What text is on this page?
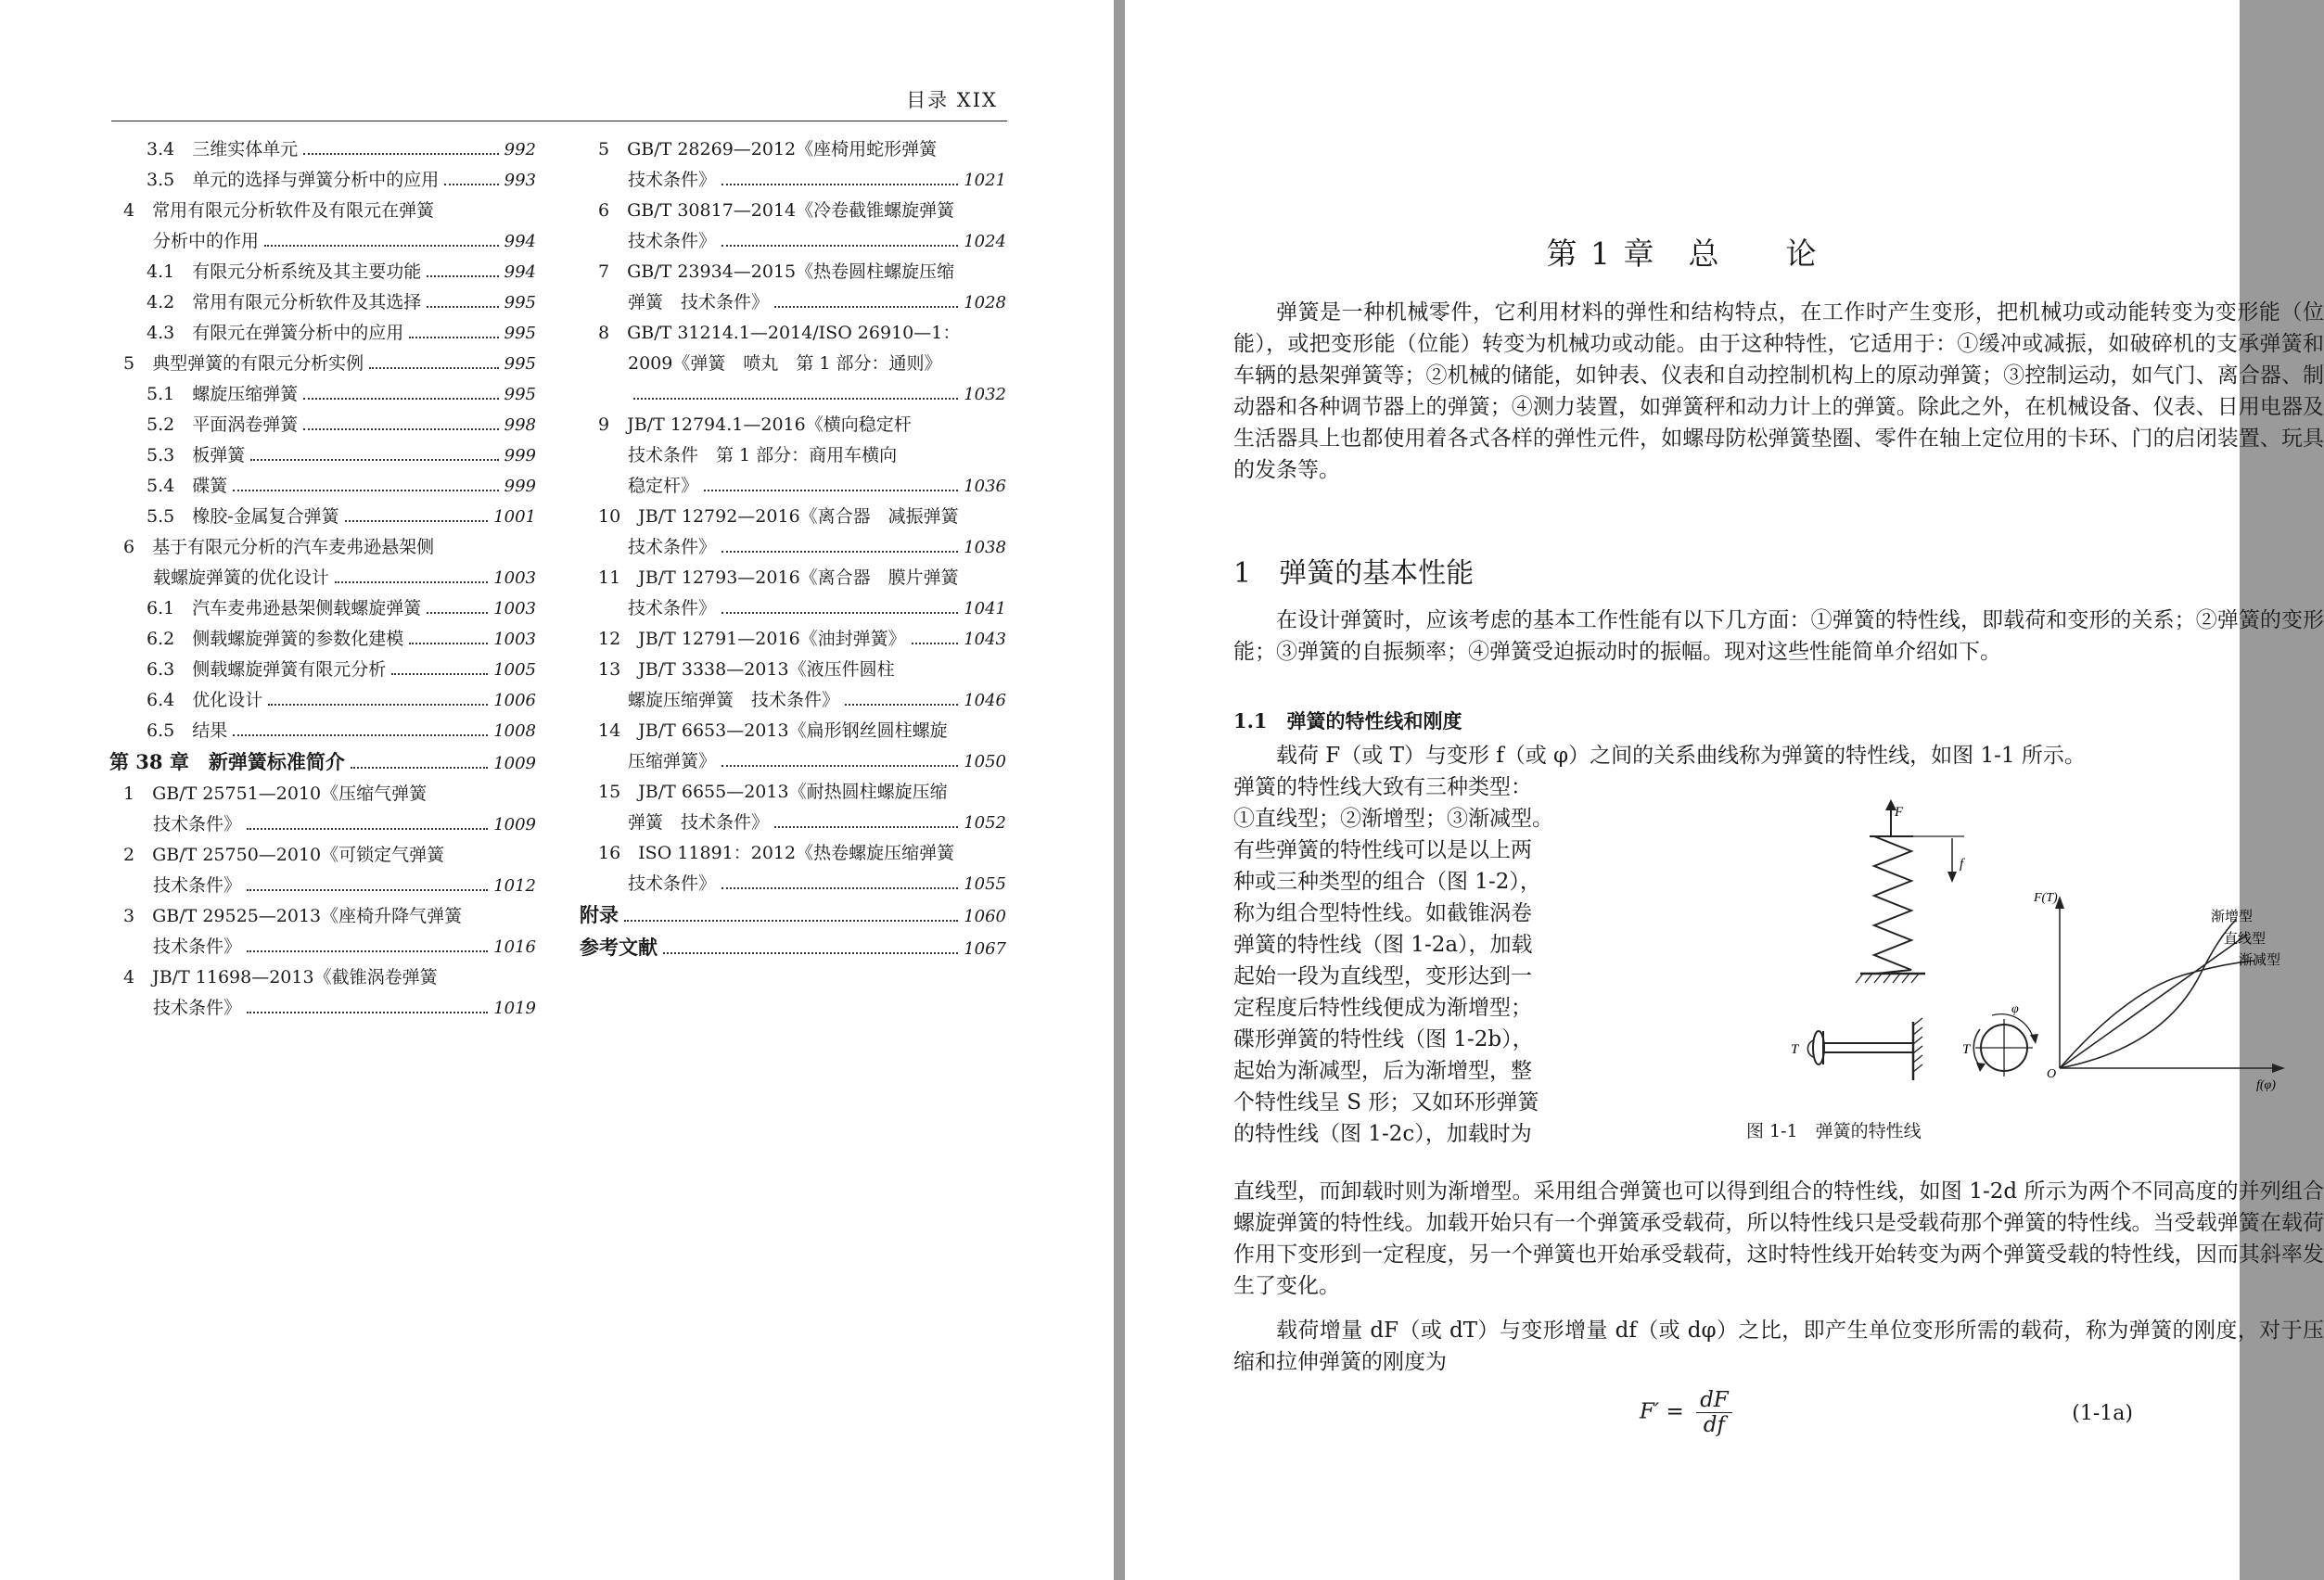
目录 XIX
3.4　三维实体单元	992
3.5　单元的选择与弹簧分析中的应用	993
4　常用有限元分析软件及有限元在弹簧
分析中的作用	994
4.1　有限元分析系统及其主要功能	994
4.2　常用有限元分析软件及其选择	995
4.3　有限元在弹簧分析中的应用	995
5　典型弹簧的有限元分析实例	995
5.1　螺旋压缩弹簧	995
5.2　平面涡卷弹簧	998
5.3　板弹簧	999
5.4　碟簧	999
5.5　橡胶-金属复合弹簧	1001
6　基于有限元分析的汽车麦弗逊悬架侧
载螺旋弹簧的优化设计	1003
6.1　汽车麦弗逊悬架侧载螺旋弹簧	1003
6.2　侧载螺旋弹簧的参数化建模	1003
6.3　侧载螺旋弹簧有限元分析	1005
6.4　优化设计	1006
6.5　结果	1008
第 38 章　新弹簧标准简介	1009
1　GB/T 25751—2010《压缩气弹簧
技术条件》	1009
2　GB/T 25750—2010《可锁定气弹簧
技术条件》	1012
3　GB/T 29525—2013《座椅升降气弹簧
技术条件》	1016
4　JB/T 11698—2013《截锥涡卷弹簧
技术条件》	1019
5　GB/T 28269—2012《座椅用蛇形弹簧
技术条件》	1021
6　GB/T 30817—2014《冷卷截锥螺旋弹簧
技术条件》	1024
7　GB/T 23934—2015《热卷圆柱螺旋压缩
弹簧　技术条件》	1028
8　GB/T 31214.1—2014/ISO 26910—1：
2009《弹簧　喷丸　第 1 部分：通则》
1032
9　JB/T 12794.1—2016《横向稳定杆
技术条件　第 1 部分：商用车横向
稳定杆》	1036
10　JB/T 12792—2016《离合器　减振弹簧
技术条件》	1038
11　JB/T 12793—2016《离合器　膜片弹簧
技术条件》	1041
12　JB/T 12791—2016《油封弹簧》	1043
13　JB/T 3338—2013《液压件圆柱
螺旋压缩弹簧　技术条件》	1046
14　JB/T 6653—2013《扁形钢丝圆柱螺旋
压缩弹簧》	1050
15　JB/T 6655—2013《耐热圆柱螺旋压缩
弹簧　技术条件》	1052
16　ISO 11891：2012《热卷螺旋压缩弹簧
技术条件》	1055
附录	1060
参考文献	1067
第 1 章　总　　论
弹簧是一种机械零件，它利用材料的弹性和结构特点，在工作时产生变形，把机械功或动能转变为变形能（位能），或把变形能（位能）转变为机械功或动能。由于这种特性，它适用于：①缓冲或减振，如破碎机的支承弹簧和车辆的悬架弹簧等；②机械的储能，如钟表、仪表和自动控制机构上的原动弹簧；③控制运动，如气门、离合器、制动器和各种调节器上的弹簧；④测力装置，如弹簧秤和动力计上的弹簧。除此之外，在机械设备、仪表、日用电器及生活器具上也都使用着各式各样的弹性元件，如螺母防松弹簧垫圈、零件在轴上定位用的卡环、门的启闭装置、玩具的发条等。
1　弹簧的基本性能
在设计弹簧时，应该考虑的基本工作性能有以下几方面：①弹簧的特性线，即载荷和变形的关系；②弹簧的变形能；③弹簧的自振频率；④弹簧受迫振动时的振幅。现对这些性能简单介绍如下。
1.1　弹簧的特性线和刚度
载荷 F（或 T）与变形 f（或 φ）之间的关系曲线称为弹簧的特性线，如图 1-1 所示。
弹簧的特性线大致有三种类型：
①直线型；②渐增型；③渐减型。
有些弹簧的特性线可以是以上两
种或三种类型的组合（图 1-2），
称为组合型特性线。如截锥涡卷
弹簧的特性线（图 1-2a），加载
起始一段为直线型，变形达到一
定程度后特性线便成为渐增型；
碟形弹簧的特性线（图 1-2b），
起始为渐减型，后为渐增型，整
个特性线呈 S 形；又如环形弹簧
的特性线（图 1-2c），加载时为
直线型，而卸载时则为渐增型。采用组合弹簧也可以得到组合的特性线，如图 1-2d 所示为两个不同高度的并列组合螺旋弹簧的特性线。加载开始只有一个弹簧承受载荷，所以特性线只是受载荷那个弹簧的特性线。当受载弹簧在载荷作用下变形到一定程度，另一个弹簧也开始承受载荷，这时特性线开始转变为两个弹簧受载的特性线，因而其斜率发生了变化。
载荷增量 dF（或 dT）与变形增量 df（或 dφ）之比，即产生单位变形所需的载荷，称为弹簧的刚度，对于压缩和拉伸弹簧的刚度为
$F' = \frac{dF}{df}$	(1-1a)
F
f
T	T
φ
F(T)
f(φ)
O
渐增型
直线型
渐减型
图 1-1　弹簧的特性线
